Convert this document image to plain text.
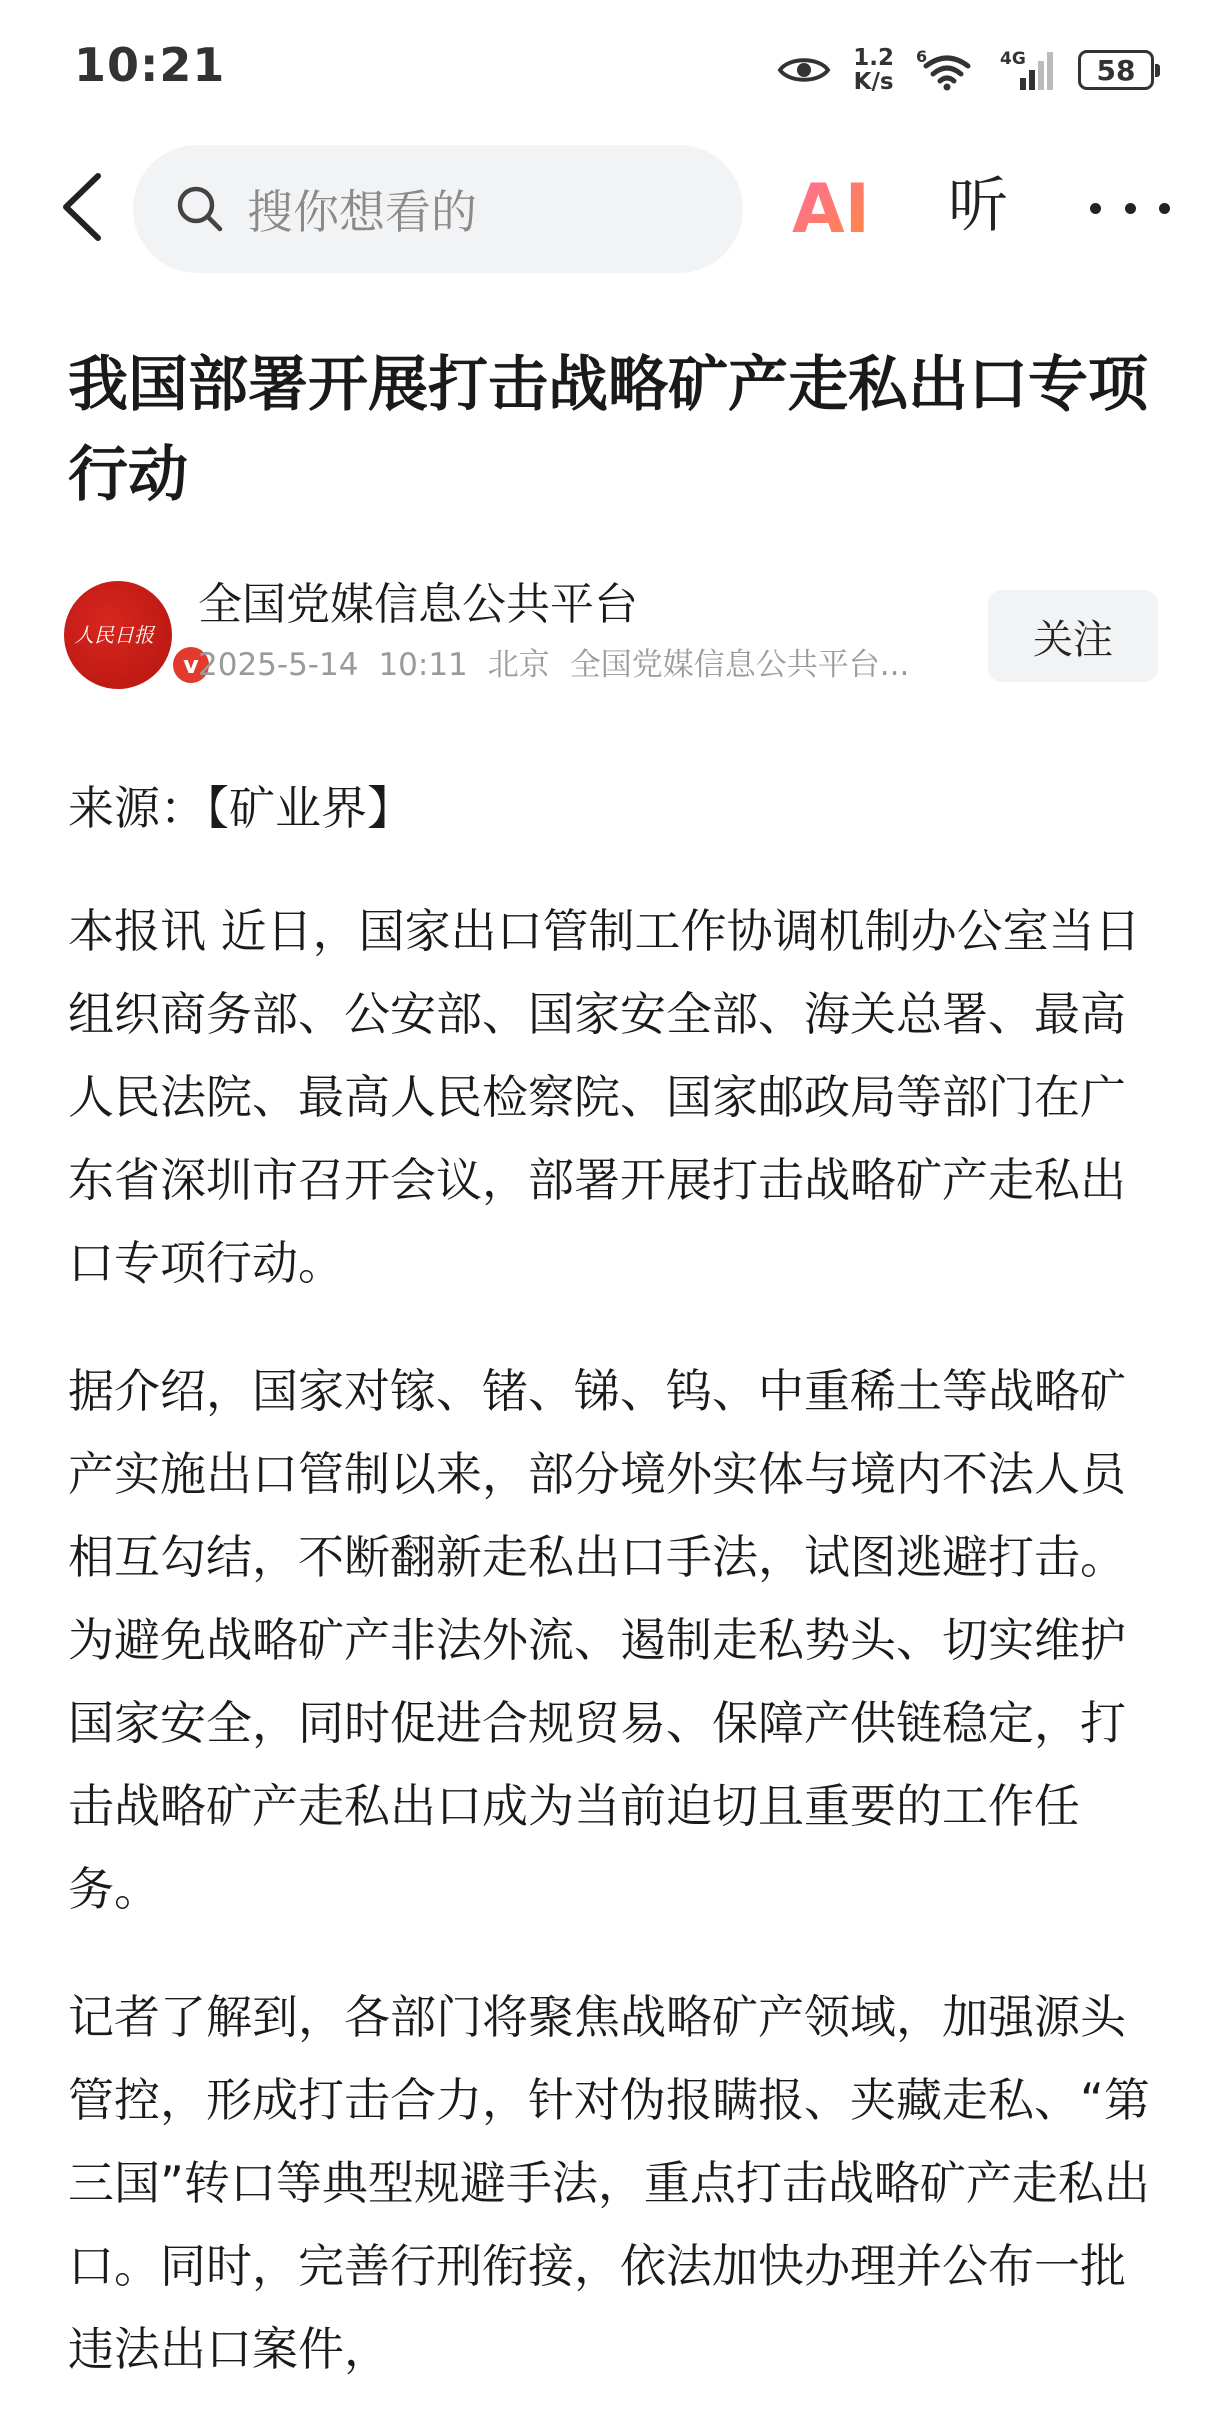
10:21	1.2
K/s
6	4G	58
搜你想看的	AI 听
我国部署开展打击战略矿产走私出口专项行动
人民日报
v
全国党媒信息公共平台
2025-5-14 10:11 北京 全国党媒信息公共平台...
关注

来源：【矿业界】

本报讯 近日，国家出口管制工作协调机制办公室当日组织商务部、公安部、国家安全部、海关总署、最高人民法院、最高人民检察院、国家邮政局等部门在广东省深圳市召开会议，部署开展打击战略矿产走私出口专项行动。

据介绍，国家对镓、锗、锑、钨、中重稀土等战略矿产实施出口管制以来，部分境外实体与境内不法人员相互勾结，不断翻新走私出口手法，试图逃避打击。为避免战略矿产非法外流、遏制走私势头、切实维护国家安全，同时促进合规贸易、保障产供链稳定，打击战略矿产走私出口成为当前迫切且重要的工作任务。

记者了解到，各部门将聚焦战略矿产领域，加强源头管控，形成打击合力，针对伪报瞒报、夹藏走私、“第三国”转口等典型规避手法，重点打击战略矿产走私出口。同时，完善行刑衔接，依法加快办理并公布一批违法出口案件，
